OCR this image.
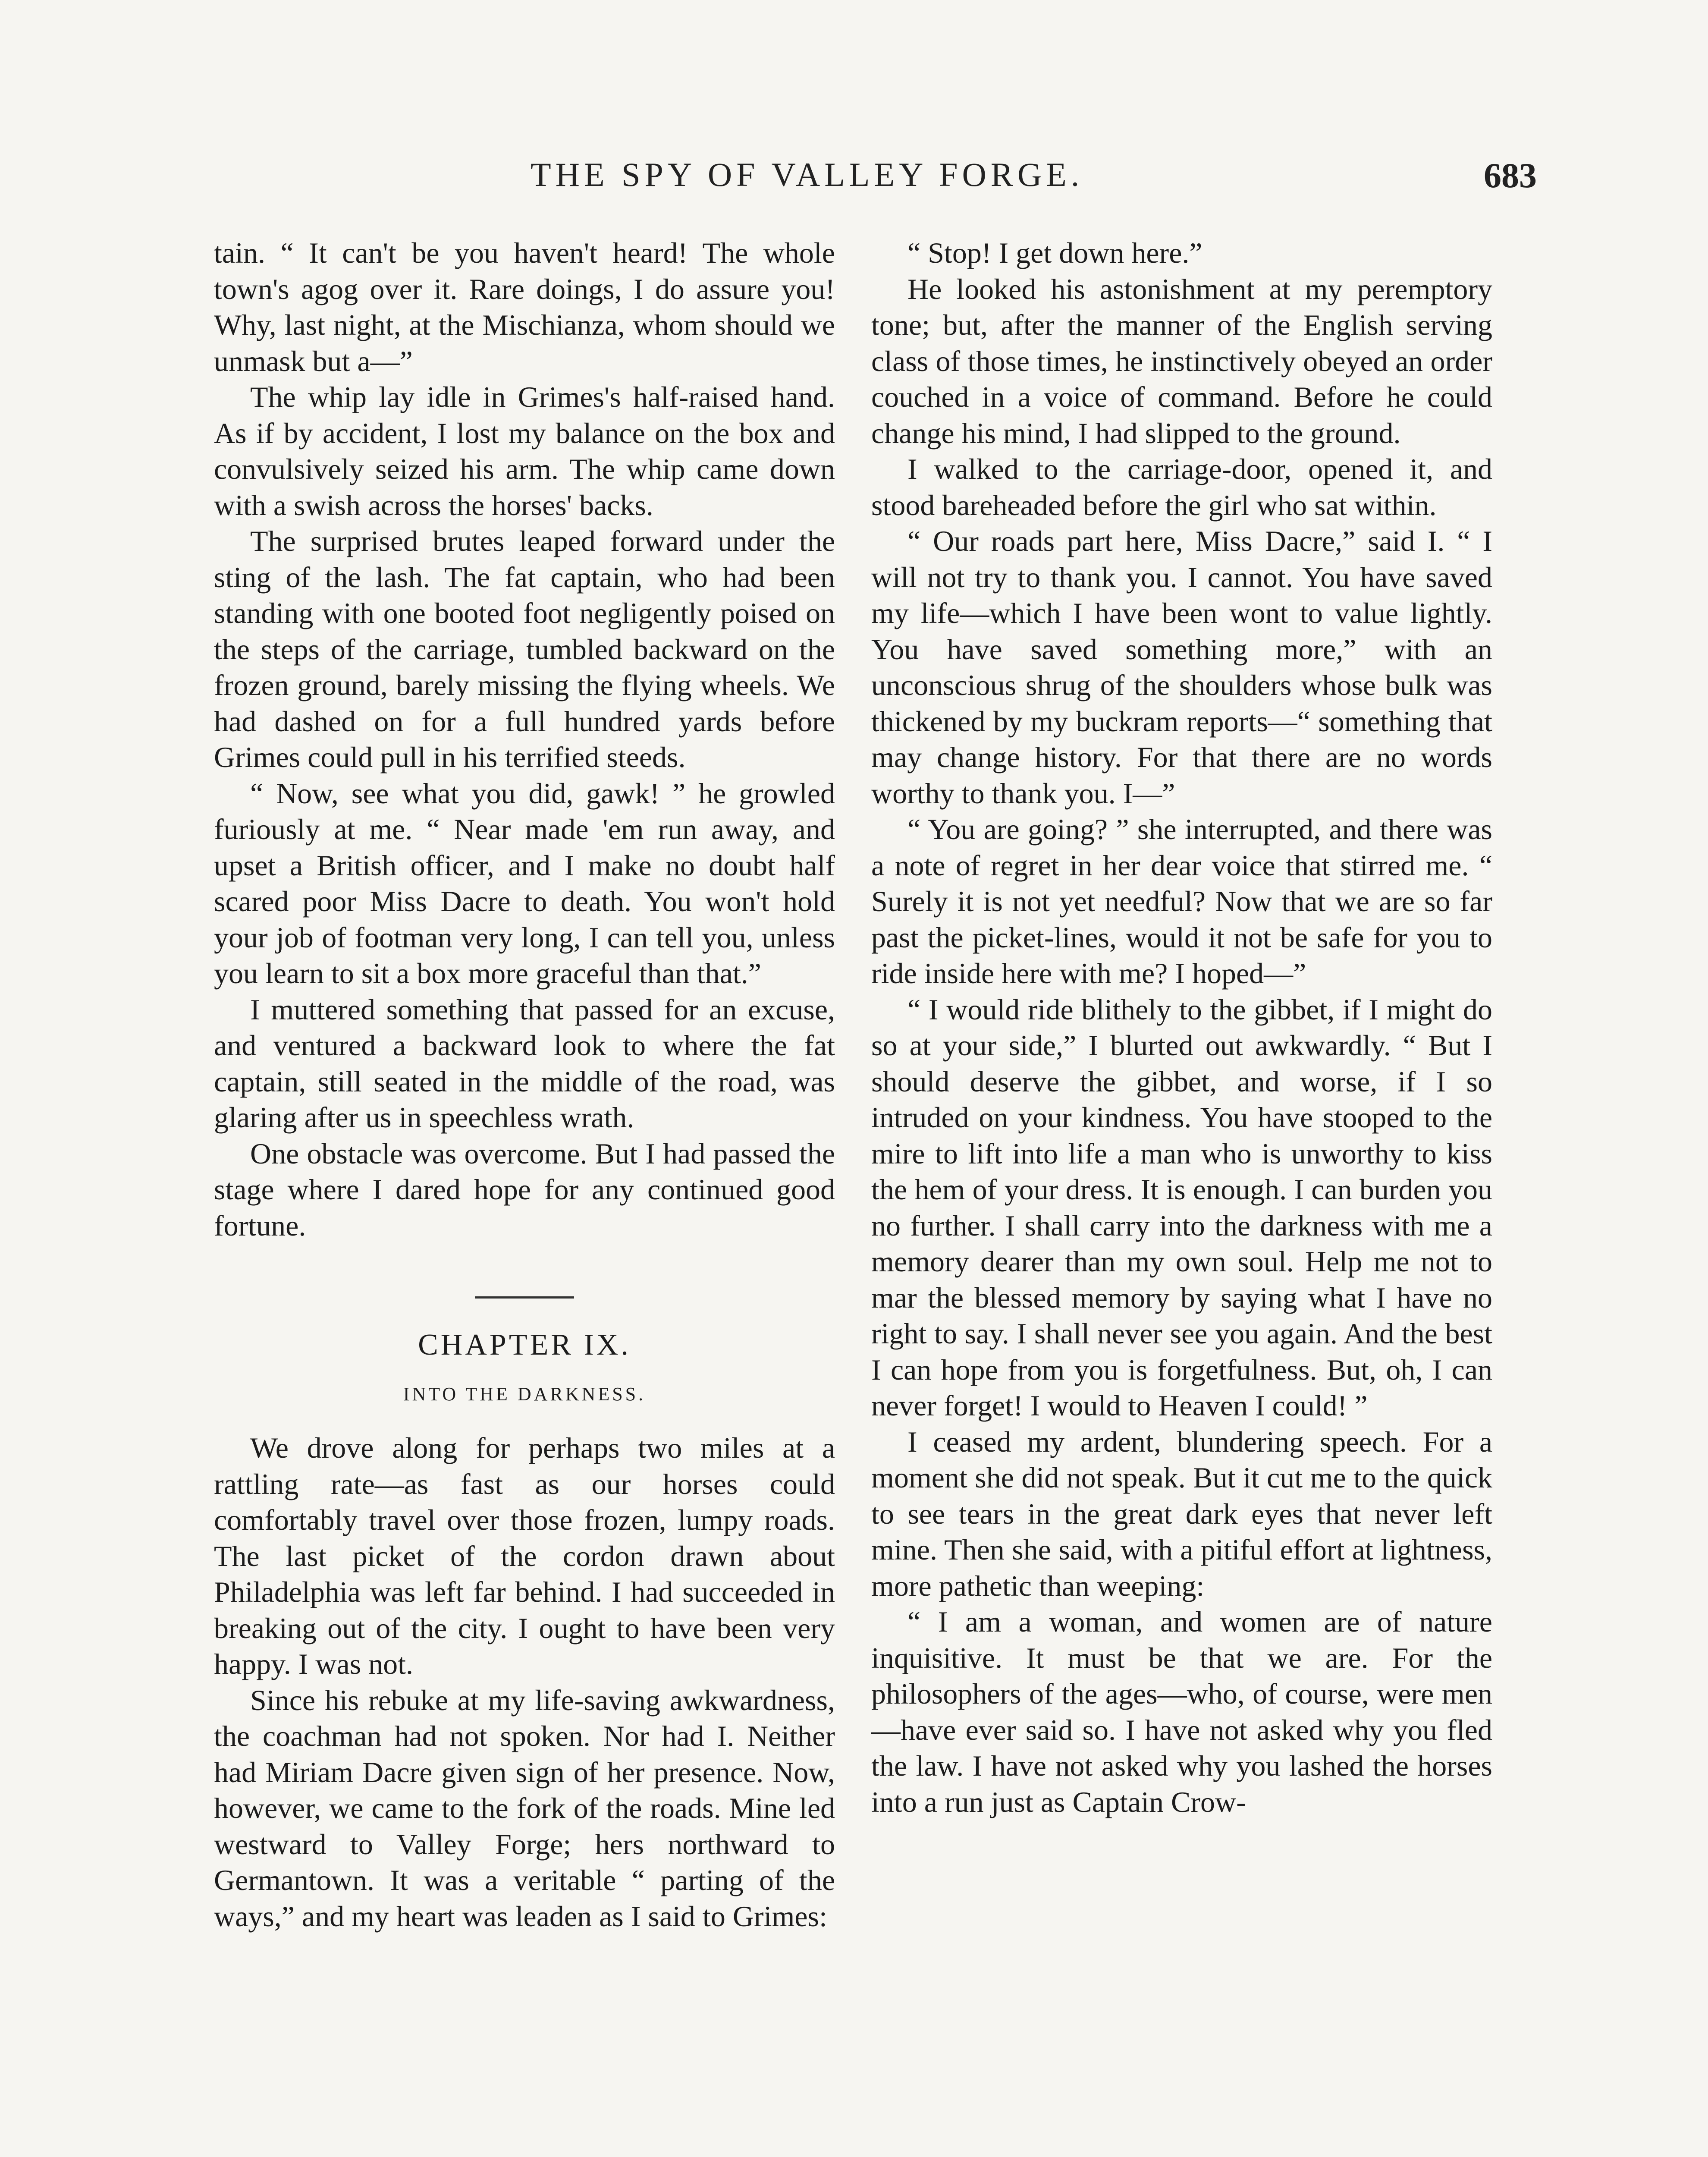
THE SPY OF VALLEY FORGE.	683

tain. “ It can't be you haven't heard! The whole town's agog over it. Rare doings, I do assure you! Why, last night, at the Mischianza, whom should we unmask but a—”

The whip lay idle in Grimes's half-raised hand. As if by accident, I lost my balance on the box and convulsively seized his arm. The whip came down with a swish across the horses' backs.

The surprised brutes leaped forward under the sting of the lash. The fat captain, who had been standing with one booted foot negligently poised on the steps of the carriage, tumbled backward on the frozen ground, barely missing the flying wheels. We had dashed on for a full hundred yards before Grimes could pull in his terrified steeds.

“ Now, see what you did, gawk! ” he growled furiously at me. “ Near made 'em run away, and upset a British officer, and I make no doubt half scared poor Miss Dacre to death. You won't hold your job of footman very long, I can tell you, unless you learn to sit a box more graceful than that.”

I muttered something that passed for an excuse, and ventured a backward look to where the fat captain, still seated in the middle of the road, was glaring after us in speechless wrath.

One obstacle was overcome. But I had passed the stage where I dared hope for any continued good fortune.

CHAPTER IX.
INTO THE DARKNESS.

We drove along for perhaps two miles at a rattling rate—as fast as our horses could comfortably travel over those frozen, lumpy roads. The last picket of the cordon drawn about Philadelphia was left far behind. I had succeeded in breaking out of the city. I ought to have been very happy. I was not.

Since his rebuke at my life-saving awkwardness, the coachman had not spoken. Nor had I. Neither had Miriam Dacre given sign of her presence. Now, however, we came to the fork of the roads. Mine led westward to Valley Forge; hers northward to Germantown. It was a veritable “ parting of the ways,” and my heart was leaden as I said to Grimes:

“ Stop! I get down here.”

He looked his astonishment at my peremptory tone; but, after the manner of the English serving class of those times, he instinctively obeyed an order couched in a voice of command. Before he could change his mind, I had slipped to the ground.

I walked to the carriage-door, opened it, and stood bareheaded before the girl who sat within.

“ Our roads part here, Miss Dacre,” said I. “ I will not try to thank you. I cannot. You have saved my life—which I have been wont to value lightly. You have saved something more,” with an unconscious shrug of the shoulders whose bulk was thickened by my buckram reports—“ something that may change history. For that there are no words worthy to thank you. I—”

“ You are going? ” she interrupted, and there was a note of regret in her dear voice that stirred me. “ Surely it is not yet needful? Now that we are so far past the picket-lines, would it not be safe for you to ride inside here with me? I hoped—”

“ I would ride blithely to the gibbet, if I might do so at your side,” I blurted out awkwardly. “ But I should deserve the gibbet, and worse, if I so intruded on your kindness. You have stooped to the mire to lift into life a man who is unworthy to kiss the hem of your dress. It is enough. I can burden you no further. I shall carry into the darkness with me a memory dearer than my own soul. Help me not to mar the blessed memory by saying what I have no right to say. I shall never see you again. And the best I can hope from you is forgetfulness. But, oh, I can never forget! I would to Heaven I could! ”

I ceased my ardent, blundering speech. For a moment she did not speak. But it cut me to the quick to see tears in the great dark eyes that never left mine. Then she said, with a pitiful effort at lightness, more pathetic than weeping:

“ I am a woman, and women are of nature inquisitive. It must be that we are. For the philosophers of the ages—who, of course, were men—have ever said so. I have not asked why you fled the law. I have not asked why you lashed the horses into a run just as Captain Crow-
